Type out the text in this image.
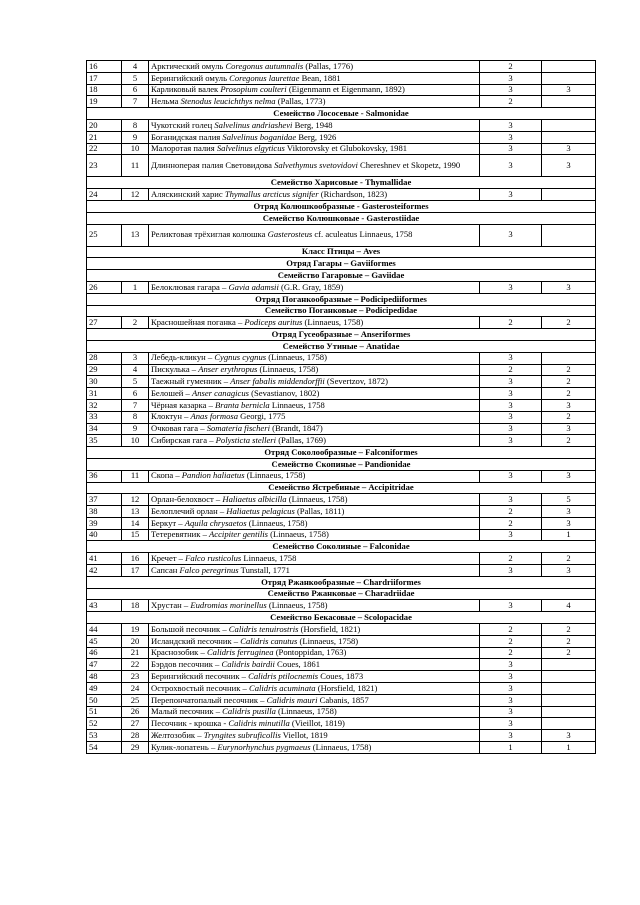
16	4	Арктический омуль Coregonus autumnalis (Pallas, 1776)	2	
17	5	Берингийский омуль Coregonus laurettae Bean, 1881	3	
18	6	Карликовый валек Prosopium coulteri (Eigenmann et Eigenmann, 1892)	3	3
19	7	Нельма Stenodus leucichthys nelma (Pallas, 1773)	2	
Семейство Лососевые - Salmonidae				
20	8	Чукотский голец Salvelinus andriashevi Berg, 1948	3	
21	9	Боганидская палия Salvelinus boganidae Berg, 1926	3	
22	10	Малоротая палия Salvelinus elgyticus Viktorovsky et Glubokovsky, 1981	3	3
23	11	Длинноперая палия Световидова Salvethymus svetovidovi Chereshnev et Skopetz, 1990	3	3
Семейство Харисовые - Thymallidae				
24	12	Аляскинский харис Thymallus arcticus signifer (Richardson, 1823)	3	
Отряд Колюшкообразные - Gasterosteiformes				
Семейство Колюшковые - Gasterostiidae				
25	13	Реликтовая трёхиглая колюшка Gasterosteus cf. aculeatus Linnaeus, 1758	3	
Класс Птицы – Aves				
Отряд Гагары – Gaviiformes				
Семейство Гагаровые – Gaviidae				
26	1	Белоклювая гагара – Gavia adamsii (G.R. Gray, 1859)	3	3
Отряд Поганкообразные – Podicipediiformes				
Семейство Поганковые – Podicipedidae				
27	2	Красношейная поганка – Podiceps auritus (Linnaeus, 1758)	2	2
Отряд Гусеобразные – Anseriformes				
Семейство Утиные – Anatidae				
28	3	Лебедь-кликун – Cygnus cygnus (Linnaeus, 1758)	3	
29	4	Пискулька – Anser erythropus (Linnaeus, 1758)	2	2
30	5	Таежный гуменник – Anser fabalis middendorffii (Severtzov, 1872)	3	2
31	6	Белошей – Anser canagicus (Sevastianov, 1802)	3	2
32	7	Чёрная казарка – Branta bernicla Linnaeus, 1758	3	3
33	8	Клоктун – Anas formosa Georgi, 1775	3	2
34	9	Очковая гага – Somateria fischeri (Brandt, 1847)	3	3
35	10	Сибирская гага – Polysticta stelleri (Pallas, 1769)	3	2
Отряд Соколообразные – Falconiformes				
Семейство Скопиные – Pandionidae				
36	11	Скопа – Pandion haliaetus (Linnaeus, 1758)	3	3
Семейство Ястребиные – Accipitridae				
37	12	Орлан-белохвост – Haliaetus albicilla (Linnaeus, 1758)	3	5
38	13	Белоплечий орлан – Haliaetus pelagicus (Pallas, 1811)	2	3
39	14	Беркут – Aquila chrysaetos (Linnaeus, 1758)	2	3
40	15	Тетеревятник – Accipiter gentilis (Linnaeus, 1758)	3	1
Семейство Соколиные – Falconidae				
41	16	Кречет – Falco rusticolus Linnaeus, 1758	2	2
42	17	Сапсан Falco peregrinus Tunstall, 1771	3	3
Отряд Ржанкообразные – Chardriiformes				
Семейство Ржанковые – Charadriidae				
43	18	Хрустан – Eudromias morinellus (Linnaeus, 1758)	3	4
Семейство Бекасовые – Scolopacidae				
44	19	Большой песочник – Calidris tenuirostris (Horsfield, 1821)	2	2
45	20	Исландский песочник – Calidris canutus (Linnaeus, 1758)	2	2
46	21	Краснозобик – Calidris ferruginea (Pontoppidan, 1763)	2	2
47	22	Бэрдов песочник – Calidris bairdii Coues, 1861	3	
48	23	Берингийский песочник – Calidris ptilocnemis Coues, 1873	3	
49	24	Острохвостый песочник – Calidris acuminata (Horsfield, 1821)	3	
50	25	Перепончатопалый песочник – Calidris mauri Cabanis, 1857	3	
51	26	Малый песочник – Calidris pusilla (Linnaeus, 1758)	3	
52	27	Песочник - крошка - Calidris minutilla (Vieillot, 1819)	3	
53	28	Желтозобик – Tryngites subruficollis Viellot, 1819	3	3
54	29	Кулик-лопатень – Eurynorhynchus pygmaeus (Linnaeus, 1758)	1	1
